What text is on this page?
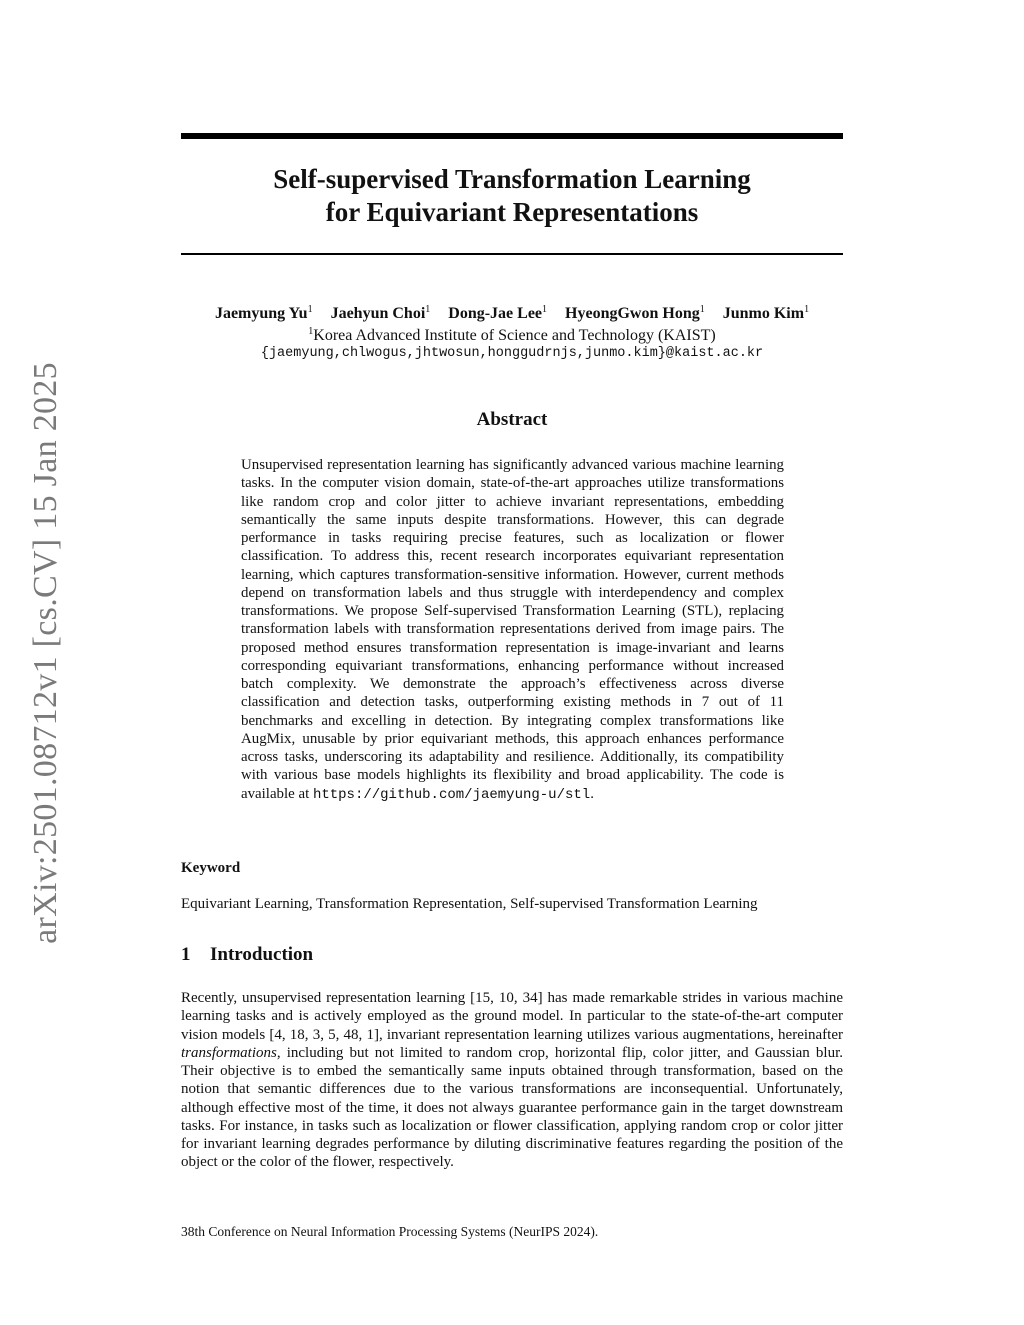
arXiv:2501.08712v1 [cs.CV] 15 Jan 2025
Self-supervised Transformation Learning
for Equivariant Representations
Jaemyung Yu$^1$ Jaehyun Choi$^1$ Dong-Jae Lee$^1$ HyeongGwon Hong$^1$ Junmo Kim$^1$
$^1$Korea Advanced Institute of Science and Technology (KAIST)
{jaemyung,chlwogus,jhtwosun,honggudrnjs,junmo.kim}@kaist.ac.kr
Abstract

Unsupervised representation learning has significantly advanced various machine learning tasks. In the computer vision domain, state-of-the-art approaches utilize transformations like random crop and color jitter to achieve invariant representations, embedding semantically the same inputs despite transformations. However, this can degrade performance in tasks requiring precise features, such as localization or flower classification. To address this, recent research incorporates equivariant representation learning, which captures transformation-sensitive information. However, current methods depend on transformation labels and thus struggle with interdependency and complex transformations. We propose Self-supervised Transformation Learning (STL), replacing transformation labels with transformation representations derived from image pairs. The proposed method ensures transformation representation is image-invariant and learns corresponding equivariant transformations, enhancing performance without increased batch complexity. We demonstrate the approach’s effectiveness across diverse classification and detection tasks, outperforming existing methods in 7 out of 11 benchmarks and excelling in detection. By integrating complex transformations like AugMix, unusable by prior equivariant methods, this approach enhances performance across tasks, underscoring its adaptability and resilience. Additionally, its compatibility with various base models highlights its flexibility and broad applicability. The code is available at https://github.com/jaemyung-u/stl.

Keyword

Equivariant Learning, Transformation Representation, Self-supervised Transformation Learning

1 Introduction

Recently, unsupervised representation learning [15, 10, 34] has made remarkable strides in various machine learning tasks and is actively employed as the ground model. In particular to the state-of-the-art computer vision models [4, 18, 3, 5, 48, 1], invariant representation learning utilizes various augmentations, hereinafter transformations, including but not limited to random crop, horizontal flip, color jitter, and Gaussian blur. Their objective is to embed the semantically same inputs obtained through transformation, based on the notion that semantic differences due to the various transformations are inconsequential. Unfortunately, although effective most of the time, it does not always guarantee performance gain in the target downstream tasks. For instance, in tasks such as localization or flower classification, applying random crop or color jitter for invariant learning degrades performance by diluting discriminative features regarding the position of the object or the color of the flower, respectively.

38th Conference on Neural Information Processing Systems (NeurIPS 2024).
